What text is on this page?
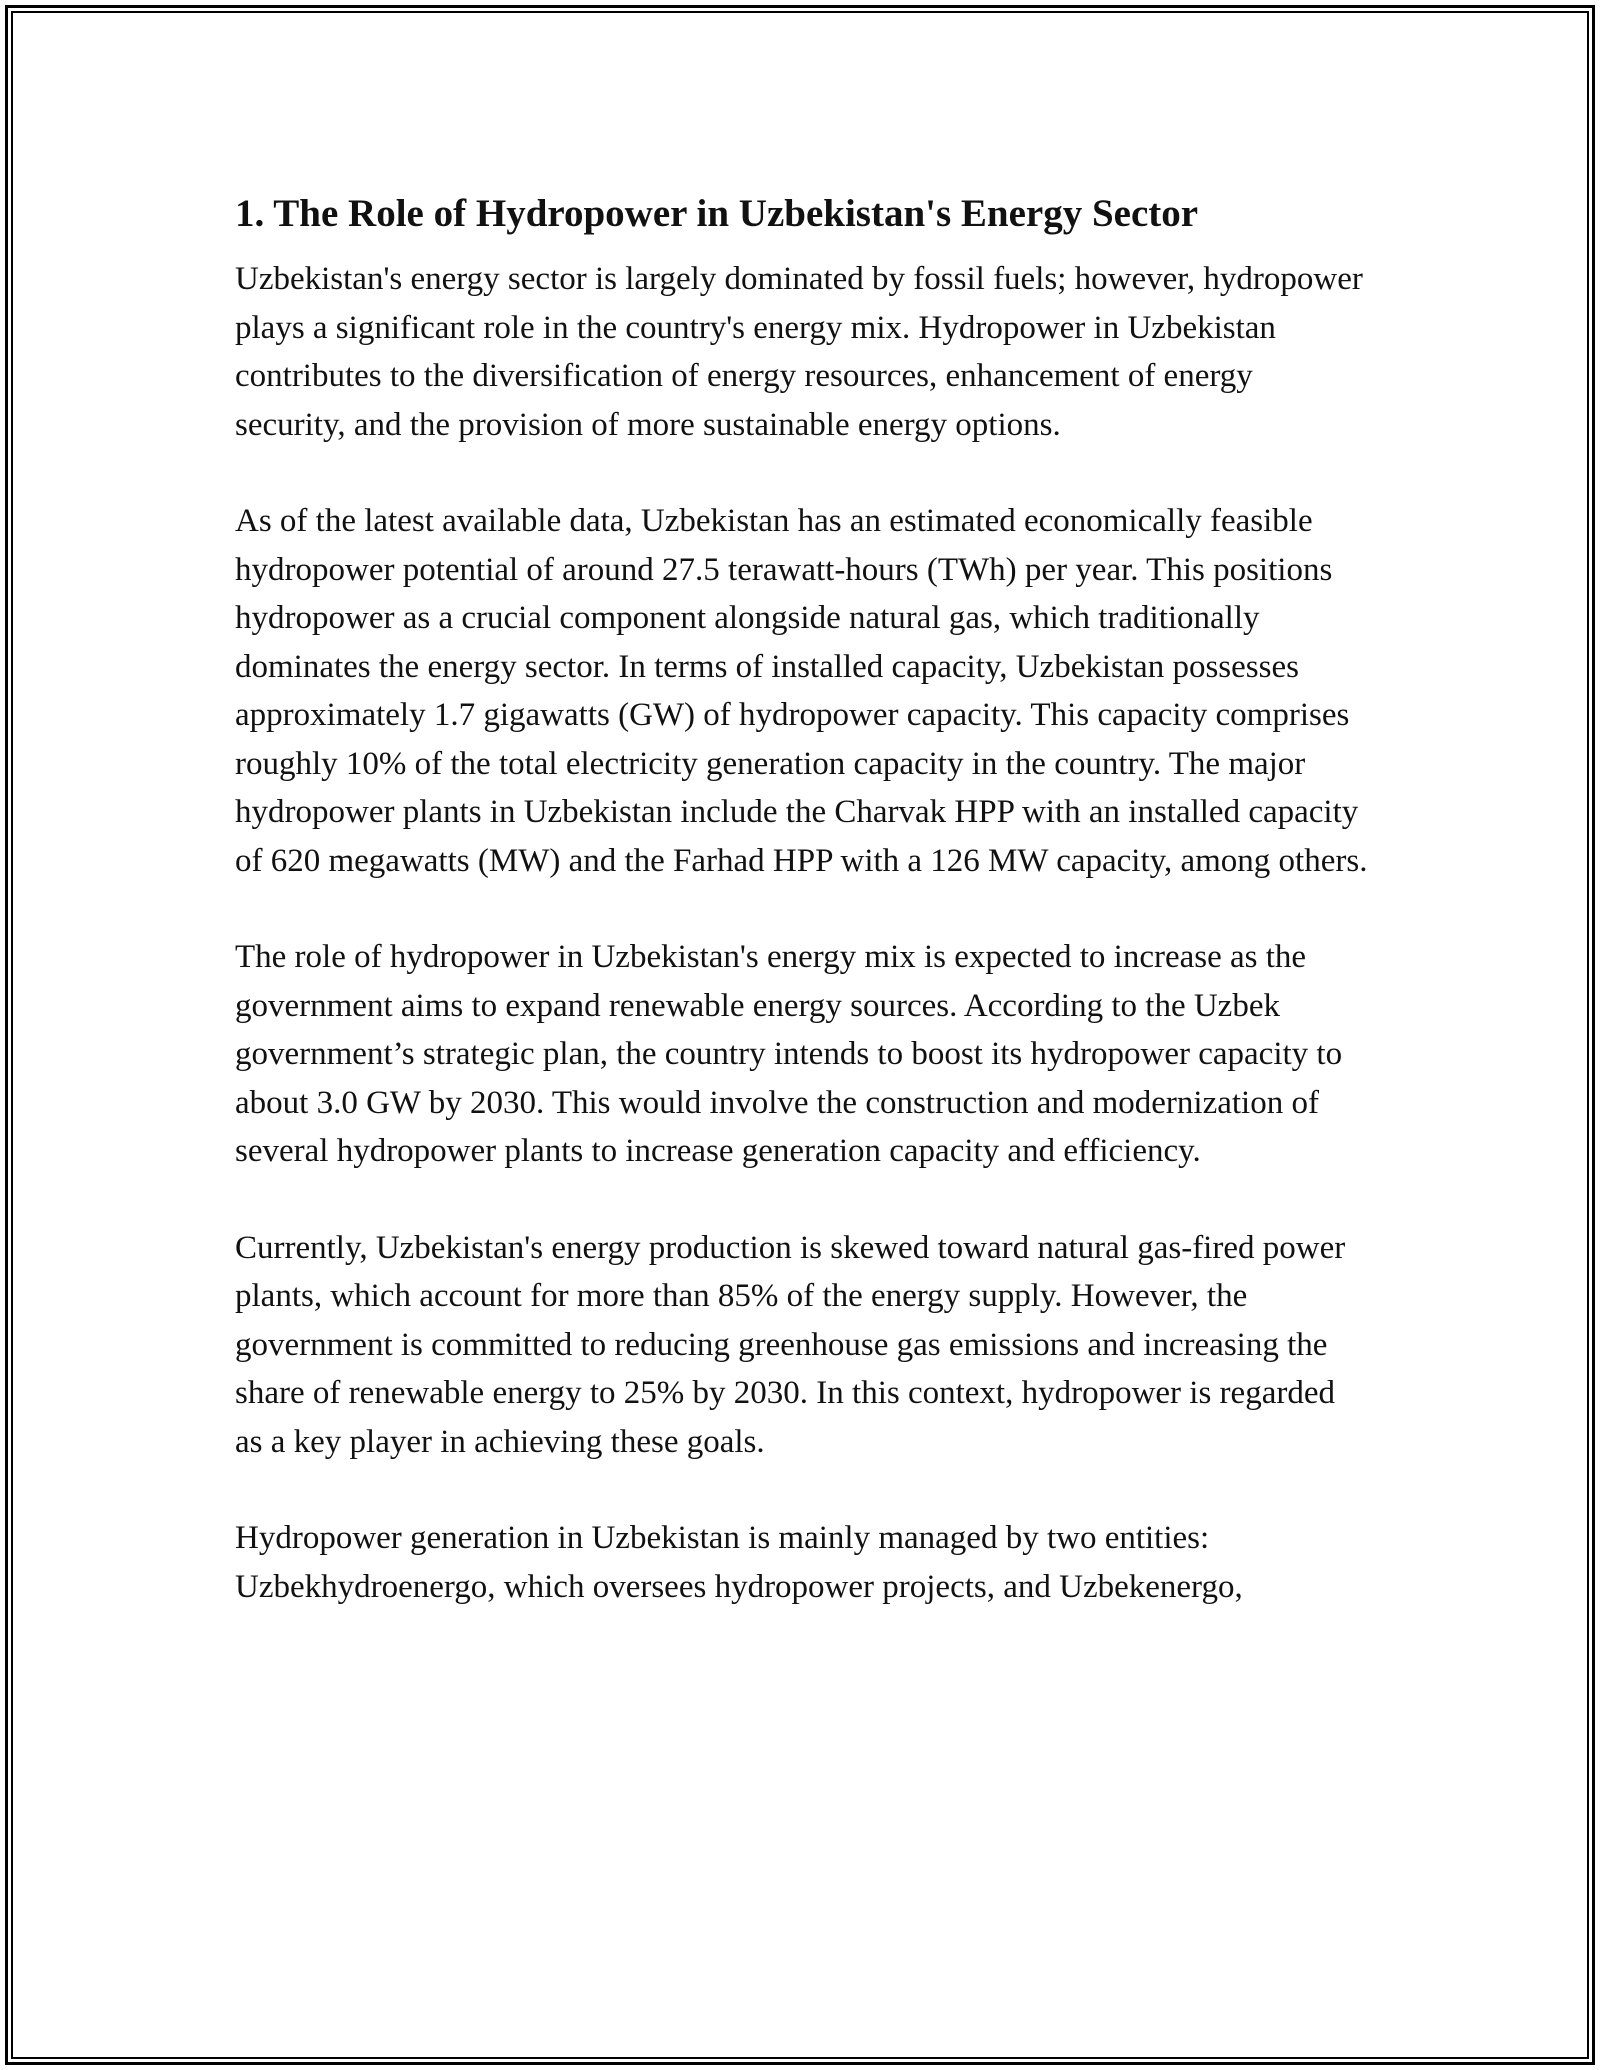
1. The Role of Hydropower in Uzbekistan's Energy Sector

Uzbekistan's energy sector is largely dominated by fossil fuels; however, hydropower plays a significant role in the country's energy mix. Hydropower in Uzbekistan contributes to the diversification of energy resources, enhancement of energy security, and the provision of more sustainable energy options.

As of the latest available data, Uzbekistan has an estimated economically feasible hydropower potential of around 27.5 terawatt-hours (TWh) per year. This positions hydropower as a crucial component alongside natural gas, which traditionally dominates the energy sector. In terms of installed capacity, Uzbekistan possesses approximately 1.7 gigawatts (GW) of hydropower capacity. This capacity comprises roughly 10% of the total electricity generation capacity in the country. The major hydropower plants in Uzbekistan include the Charvak HPP with an installed capacity of 620 megawatts (MW) and the Farhad HPP with a 126 MW capacity, among others.

The role of hydropower in Uzbekistan's energy mix is expected to increase as the government aims to expand renewable energy sources. According to the Uzbek government’s strategic plan, the country intends to boost its hydropower capacity to about 3.0 GW by 2030. This would involve the construction and modernization of several hydropower plants to increase generation capacity and efficiency.

Currently, Uzbekistan's energy production is skewed toward natural gas-fired power plants, which account for more than 85% of the energy supply. However, the government is committed to reducing greenhouse gas emissions and increasing the share of renewable energy to 25% by 2030. In this context, hydropower is regarded as a key player in achieving these goals.

Hydropower generation in Uzbekistan is mainly managed by two entities: Uzbekhydroenergo, which oversees hydropower projects, and Uzbekenergo,
